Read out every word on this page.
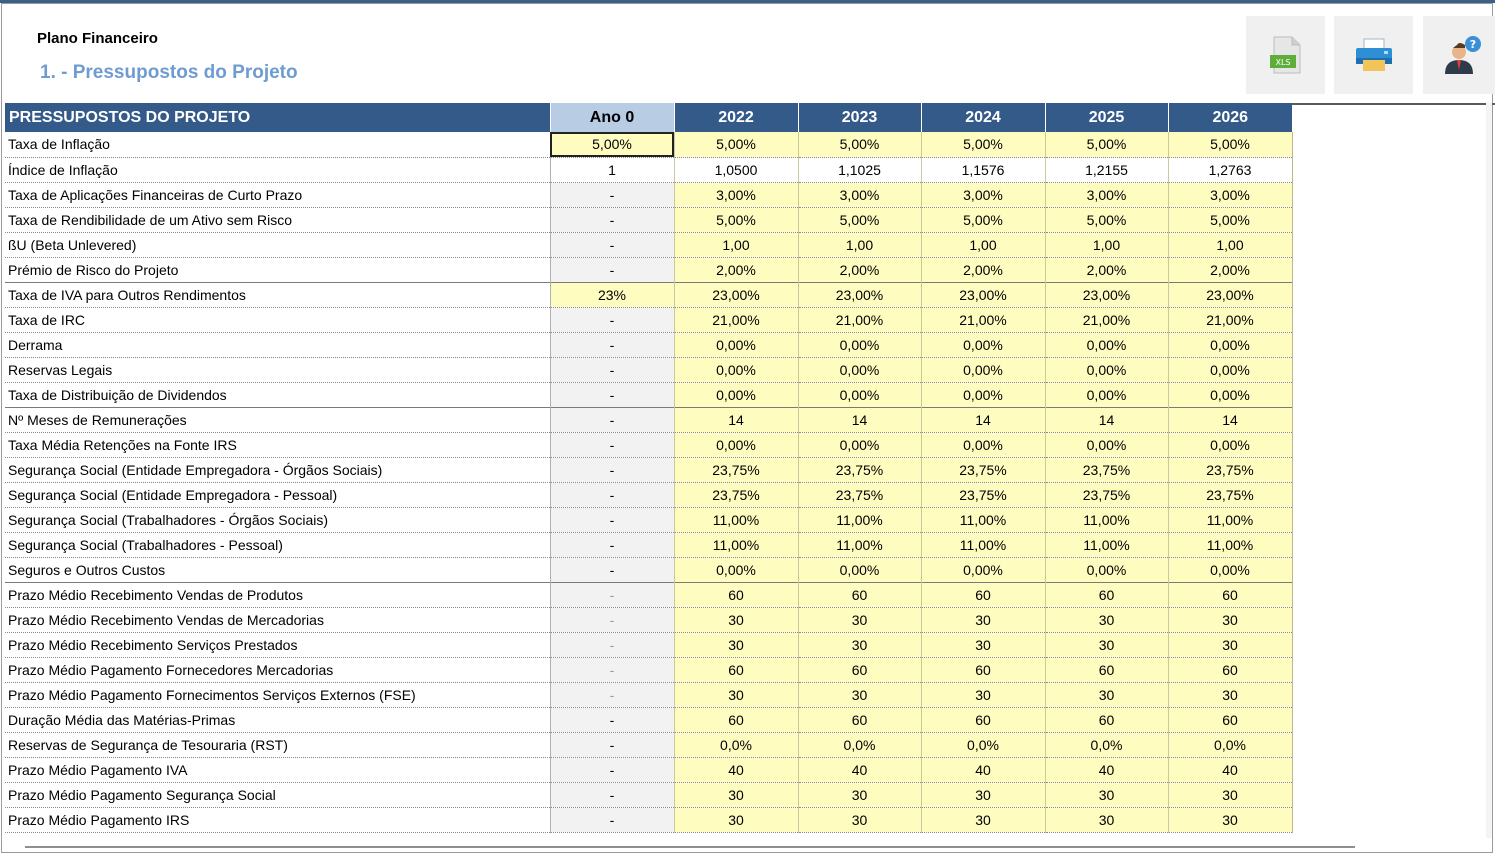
Plano Financeiro
1. - Pressupostos do Projeto	XLS
?
PRESSUPOSTOS DO PROJETO	Ano 0	2022	2023	2024	2025	2026
Taxa de Inflação	5,00%	5,00%	5,00%	5,00%	5,00%	5,00%
Índice de Inflação	1	1,0500	1,1025	1,1576	1,2155	1,2763
Taxa de Aplicações Financeiras de Curto Prazo	-	3,00%	3,00%	3,00%	3,00%	3,00%
Taxa de Rendibilidade de um Ativo sem Risco	-	5,00%	5,00%	5,00%	5,00%	5,00%
ßU (Beta Unlevered)	-	1,00	1,00	1,00	1,00	1,00
Prémio de Risco do Projeto	-	2,00%	2,00%	2,00%	2,00%	2,00%
Taxa de IVA para Outros Rendimentos	23%	23,00%	23,00%	23,00%	23,00%	23,00%
Taxa de IRC	-	21,00%	21,00%	21,00%	21,00%	21,00%
Derrama	-	0,00%	0,00%	0,00%	0,00%	0,00%
Reservas Legais	-	0,00%	0,00%	0,00%	0,00%	0,00%
Taxa de Distribuição de Dividendos	-	0,00%	0,00%	0,00%	0,00%	0,00%
Nº Meses de Remunerações	-	14	14	14	14	14
Taxa Média Retenções na Fonte IRS	-	0,00%	0,00%	0,00%	0,00%	0,00%
Segurança Social (Entidade Empregadora - Órgãos Sociais)	-	23,75%	23,75%	23,75%	23,75%	23,75%
Segurança Social (Entidade Empregadora - Pessoal)	-	23,75%	23,75%	23,75%	23,75%	23,75%
Segurança Social (Trabalhadores - Órgãos Sociais)	-	11,00%	11,00%	11,00%	11,00%	11,00%
Segurança Social (Trabalhadores - Pessoal)	-	11,00%	11,00%	11,00%	11,00%	11,00%
Seguros e Outros Custos	-	0,00%	0,00%	0,00%	0,00%	0,00%
Prazo Médio Recebimento Vendas de Produtos	-	60	60	60	60	60
Prazo Médio Recebimento Vendas de Mercadorias	-	30	30	30	30	30
Prazo Médio Recebimento Serviços Prestados	-	30	30	30	30	30
Prazo Médio Pagamento Fornecedores Mercadorias	-	60	60	60	60	60
Prazo Médio Pagamento Fornecimentos Serviços Externos (FSE)	-	30	30	30	30	30
Duração Média das Matérias-Primas	-	60	60	60	60	60
Reservas de Segurança de Tesouraria (RST)	-	0,0%	0,0%	0,0%	0,0%	0,0%
Prazo Médio Pagamento IVA	-	40	40	40	40	40
Prazo Médio Pagamento Segurança Social	-	30	30	30	30	30
Prazo Médio Pagamento IRS	-	30	30	30	30	30
